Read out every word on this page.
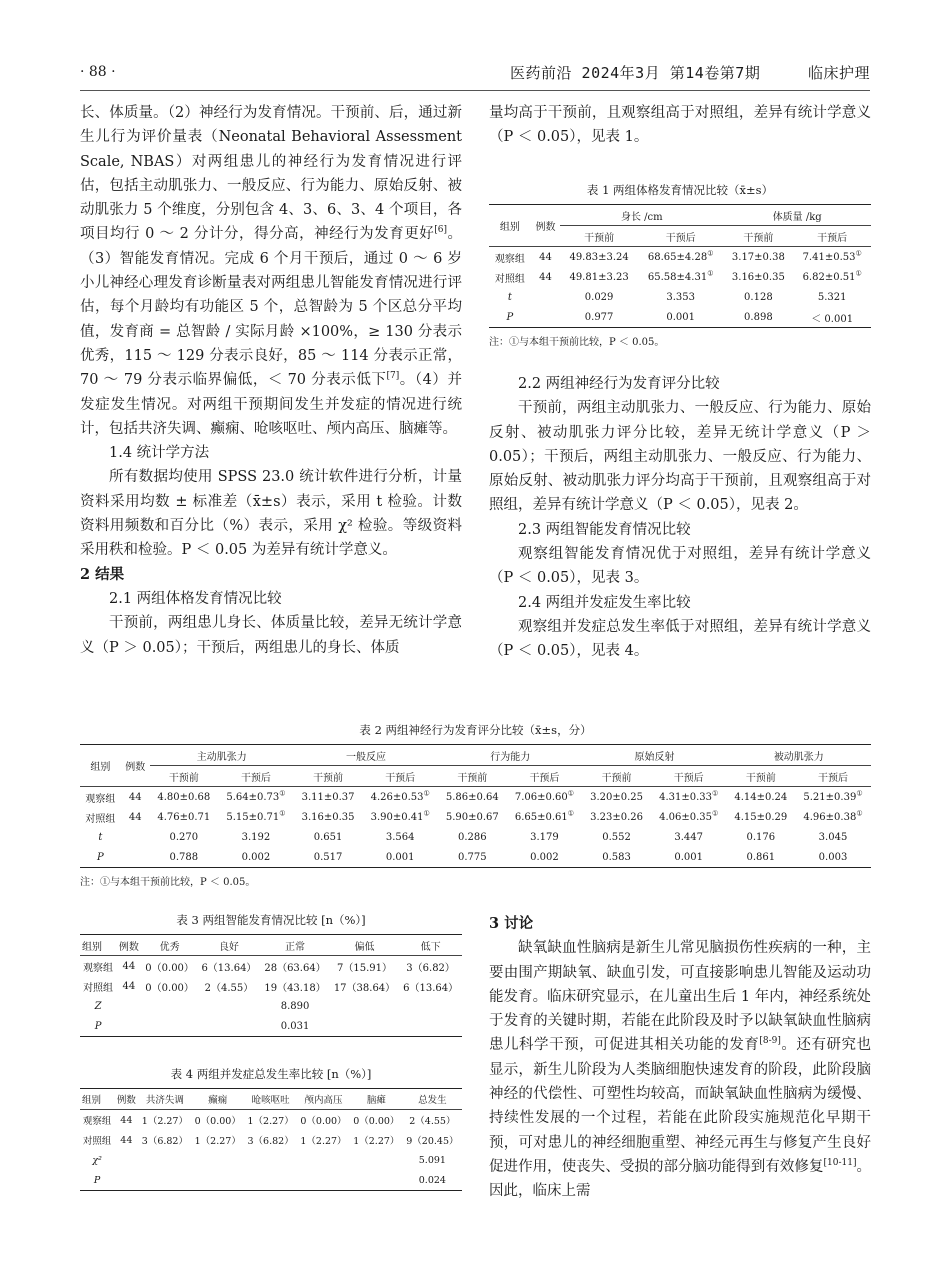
· 88 ·	医药前沿 2024年3月 第14卷第7期	临床护理

长、体质量。（2）神经行为发育情况。干预前、后，通过新生儿行为评价量表（Neonatal Behavioral Assessment Scale, NBAS）对两组患儿的神经行为发育情况进行评估，包括主动肌张力、一般反应、行为能力、原始反射、被动肌张力 5 个维度，分别包含 4、3、6、3、4 个项目，各项目均行 0 ～ 2 分计分，得分高，神经行为发育更好[6]。（3）智能发育情况。完成 6 个月干预后，通过 0 ～ 6 岁小儿神经心理发育诊断量表对两组患儿智能发育情况进行评估，每个月龄均有功能区 5 个，总智龄为 5 个区总分平均值，发育商 = 总智龄 / 实际月龄 ×100%，≥ 130 分表示优秀，115 ～ 129 分表示良好，85 ～ 114 分表示正常，70 ～ 79 分表示临界偏低，＜ 70 分表示低下[7]。（4）并发症发生情况。对两组干预期间发生并发症的情况进行统计，包括共济失调、癫痫、呛咳呕吐、颅内高压、脑瘫等。

1.4 统计学方法

所有数据均使用 SPSS 23.0 统计软件进行分析，计量资料采用均数 ± 标准差（x̄±s）表示，采用 t 检验。计数资料用频数和百分比（%）表示，采用 χ² 检验。等级资料采用秩和检验。P ＜ 0.05 为差异有统计学意义。

2 结果

2.1 两组体格发育情况比较

干预前，两组患儿身长、体质量比较，差异无统计学意义（P ＞ 0.05）；干预后，两组患儿的身长、体质

量均高于干预前，且观察组高于对照组，差异有统计学意义（P ＜ 0.05），见表 1。

表 1 两组体格发育情况比较（x̄±s）
组别	例数	身长 /cm		体质量 /kg	
		干预前	干预后	干预前	干预后
观察组	44	49.83±3.24	68.65±4.28①	3.17±0.38	7.41±0.53①
对照组	44	49.81±3.23	65.58±4.31①	3.16±0.35	6.82±0.51①
t		0.029	3.353	0.128	5.321
P		0.977	0.001	0.898	＜ 0.001
注：①与本组干预前比较，P ＜ 0.05。

2.2 两组神经行为发育评分比较

干预前，两组主动肌张力、一般反应、行为能力、原始反射、被动肌张力评分比较，差异无统计学意义（P ＞ 0.05）；干预后，两组主动肌张力、一般反应、行为能力、原始反射、被动肌张力评分均高于干预前，且观察组高于对照组，差异有统计学意义（P ＜ 0.05），见表 2。

2.3 两组智能发育情况比较

观察组智能发育情况优于对照组，差异有统计学意义（P ＜ 0.05），见表 3。

2.4 两组并发症发生率比较

观察组并发症总发生率低于对照组，差异有统计学意义（P ＜ 0.05），见表 4。

表 2 两组神经行为发育评分比较（x̄±s，分）
组别	例数	主动肌张力		一般反应		行为能力		原始反射		被动肌张力	
		干预前	干预后	干预前	干预后	干预前	干预后	干预前	干预后	干预前	干预后
观察组	44	4.80±0.68	5.64±0.73①	3.11±0.37	4.26±0.53①	5.86±0.64	7.06±0.60①	3.20±0.25	4.31±0.33①	4.14±0.24	5.21±0.39①
对照组	44	4.76±0.71	5.15±0.71①	3.16±0.35	3.90±0.41①	5.90±0.67	6.65±0.61①	3.23±0.26	4.06±0.35①	4.15±0.29	4.96±0.38①
t		0.270	3.192	0.651	3.564	0.286	3.179	0.552	3.447	0.176	3.045
P		0.788	0.002	0.517	0.001	0.775	0.002	0.583	0.001	0.861	0.003
注：①与本组干预前比较，P ＜ 0.05。
表 3 两组智能发育情况比较 [n（%）]
组别	例数	优秀	良好	正常	偏低	低下
观察组	44	0（0.00）	6（13.64）	28（63.64）	7（15.91）	3（6.82）
对照组	44	0（0.00）	2（4.55）	19（43.18）	17（38.64）	6（13.64）
Z				8.890		
P				0.031		
表 4 两组并发症总发生率比较 [n（%）]
组别	例数	共济失调	癫痫	呛咳呕吐	颅内高压	脑瘫	总发生
观察组	44	1（2.27）	0（0.00）	1（2.27）	0（0.00）	0（0.00）	2（4.55）
对照组	44	3（6.82）	1（2.27）	3（6.82）	1（2.27）	1（2.27）	9（20.45）
χ²							5.091
P							0.024

3 讨论

缺氧缺血性脑病是新生儿常见脑损伤性疾病的一种，主要由围产期缺氧、缺血引发，可直接影响患儿智能及运动功能发育。临床研究显示，在儿童出生后 1 年内，神经系统处于发育的关键时期，若能在此阶段及时予以缺氧缺血性脑病患儿科学干预，可促进其相关功能的发育[8-9]。还有研究也显示，新生儿阶段为人类脑细胞快速发育的阶段，此阶段脑神经的代偿性、可塑性均较高，而缺氧缺血性脑病为缓慢、持续性发展的一个过程，若能在此阶段实施规范化早期干预，可对患儿的神经细胞重塑、神经元再生与修复产生良好促进作用，使丧失、受损的部分脑功能得到有效修复[10-11]。因此，临床上需
